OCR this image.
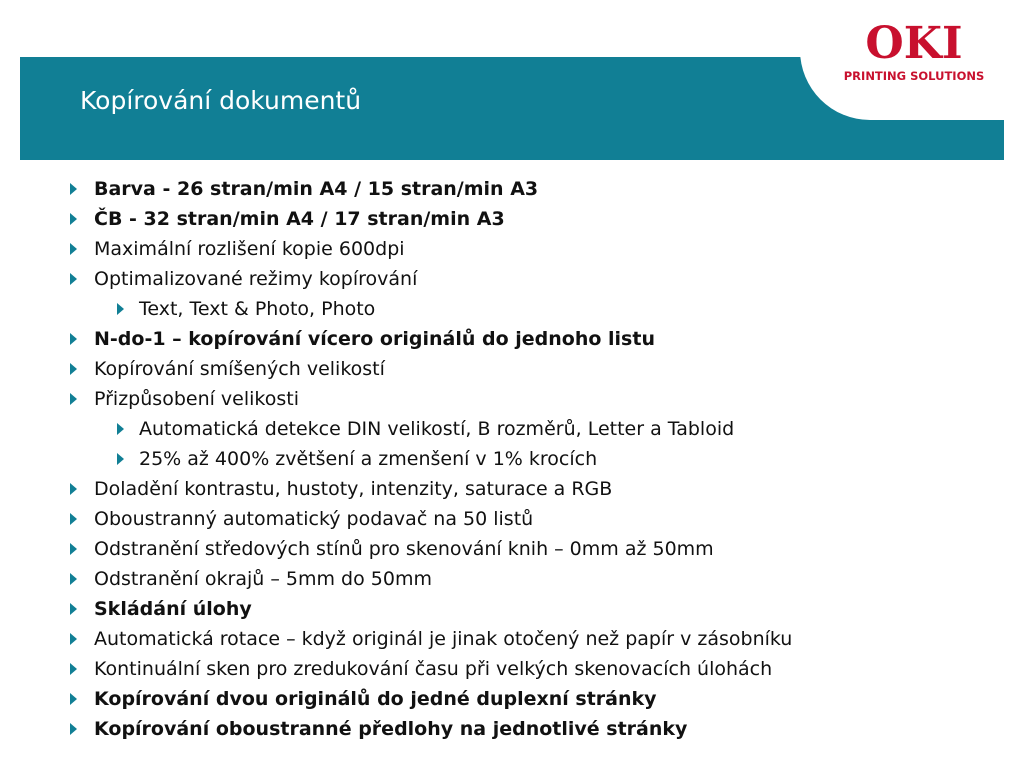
OKI
PRINTING SOLUTIONS
Kopírování dokumentů
Barva - 26 stran/min A4 / 15 stran/min A3
ČB - 32 stran/min A4 / 17 stran/min A3
Maximální rozlišení kopie 600dpi
Optimalizované režimy kopírování
Text, Text & Photo, Photo
N-do-1 – kopírování vícero originálů do jednoho listu
Kopírování smíšených velikostí
Přizpůsobení velikosti
Automatická detekce DIN velikostí, B rozměrů, Letter a Tabloid
25% až 400% zvětšení a zmenšení v 1% krocích
Doladění kontrastu, hustoty, intenzity, saturace a RGB
Oboustranný automatický podavač na 50 listů
Odstranění středových stínů pro skenování knih – 0mm až 50mm
Odstranění okrajů – 5mm do 50mm
Skládání úlohy
Automatická rotace – když originál je jinak otočený než papír v zásobníku
Kontinuální sken pro zredukování času při velkých skenovacích úlohách
Kopírování dvou originálů do jedné duplexní stránky
Kopírování oboustranné předlohy na jednotlivé stránky
